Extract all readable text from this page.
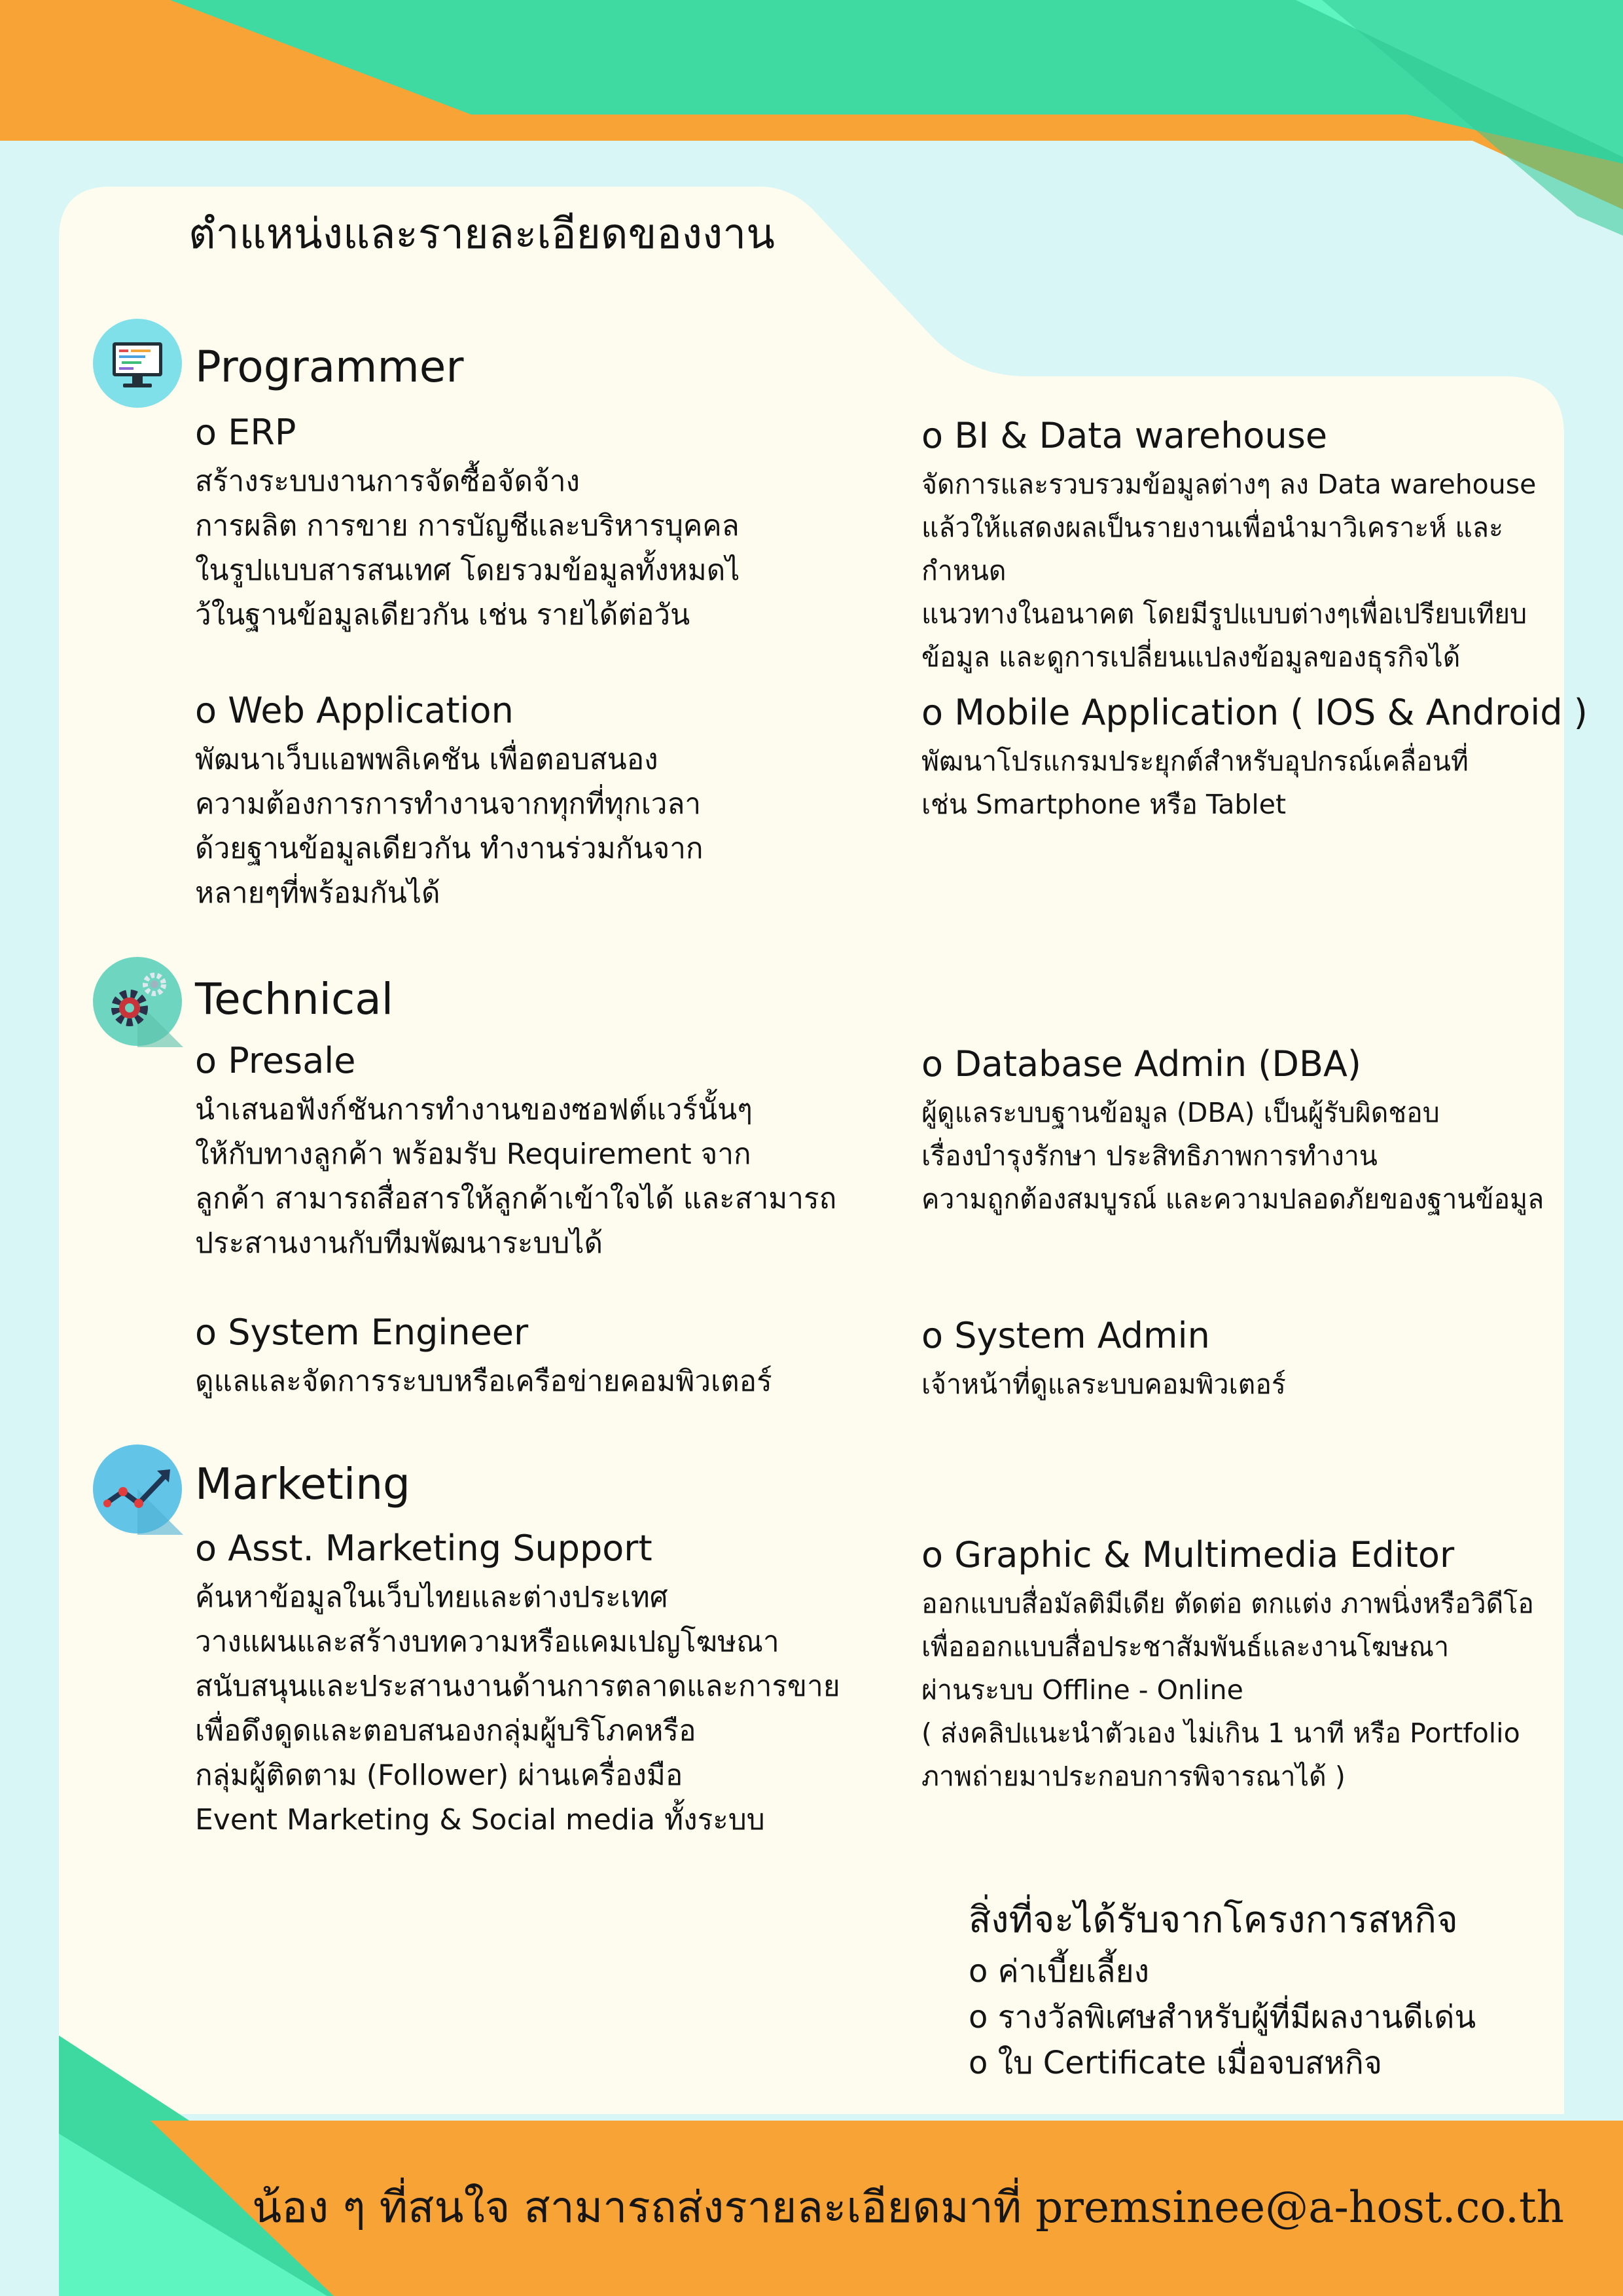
ตำแหน่งและรายละเอียดของงาน
Programmer
o ERP

สร้างระบบงานการจัดซื้อจัดจ้าง

การผลิต การขาย การบัญชีและบริหารบุคคล

ในรูปแบบสารสนเทศ โดยรวมข้อมูลทั้งหมดไ

ว้ในฐานข้อมูลเดียวกัน เช่น รายได้ต่อวัน

o BI & Data warehouse

จัดการและรวบรวมข้อมูลต่างๆ ลง Data warehouse

แล้วให้แสดงผลเป็นรายงานเพื่อนำมาวิเคราะห์ และกำหนด

แนวทางในอนาคต โดยมีรูปแบบต่างๆเพื่อเปรียบเทียบ

ข้อมูล และดูการเปลี่ยนแปลงข้อมูลของธุรกิจได้

o Web Application

พัฒนาเว็บแอพพลิเคชัน เพื่อตอบสนอง

ความต้องการการทำงานจากทุกที่ทุกเวลา

ด้วยฐานข้อมูลเดียวกัน ทำงานร่วมกันจาก

หลายๆที่พร้อมกันได้

o Mobile Application ( IOS & Android )

พัฒนาโปรแกรมประยุกต์สำหรับอุปกรณ์เคลื่อนที่

เช่น Smartphone หรือ Tablet

Technical
o Presale

นำเสนอฟังก์ชันการทำงานของซอฟต์แวร์นั้นๆ

ให้กับทางลูกค้า พร้อมรับ Requirement จาก

ลูกค้า สามารถสื่อสารให้ลูกค้าเข้าใจได้ และสามารถ

ประสานงานกับทีมพัฒนาระบบได้

o Database Admin (DBA)

ผู้ดูแลระบบฐานข้อมูล (DBA) เป็นผู้รับผิดชอบ

เรื่องบำรุงรักษา ประสิทธิภาพการทำงาน

ความถูกต้องสมบูรณ์ และความปลอดภัยของฐานข้อมูล

o System Engineer

ดูแลและจัดการระบบหรือเครือข่ายคอมพิวเตอร์

o System Admin

เจ้าหน้าที่ดูแลระบบคอมพิวเตอร์

Marketing
o Asst. Marketing Support

ค้นหาข้อมูลในเว็บไทยและต่างประเทศ

วางแผนและสร้างบทความหรือแคมเปญโฆษณา

สนับสนุนและประสานงานด้านการตลาดและการขาย

เพื่อดึงดูดและตอบสนองกลุ่มผู้บริโภคหรือ

กลุ่มผู้ติดตาม (Follower) ผ่านเครื่องมือ

Event Marketing & Social media ทั้งระบบ

o Graphic & Multimedia Editor

ออกแบบสื่อมัลติมีเดีย ตัดต่อ ตกแต่ง ภาพนิ่งหรือวิดีโอ

เพื่อออกแบบสื่อประชาสัมพันธ์และงานโฆษณา

ผ่านระบบ Offline - Online

( ส่งคลิปแนะนำตัวเอง ไม่เกิน 1 นาที หรือ Portfolio

ภาพถ่ายมาประกอบการพิจารณาได้ )

สิ่งที่จะได้รับจากโครงการสหกิจ
o ค่าเบี้ยเลี้ยง
o รางวัลพิเศษสำหรับผู้ที่มีผลงานดีเด่น
o ใบ Certificate เมื่อจบสหกิจ
น้อง ๆ ที่สนใจ สามารถส่งรายละเอียดมาที่ premsinee@a-host.co.th
